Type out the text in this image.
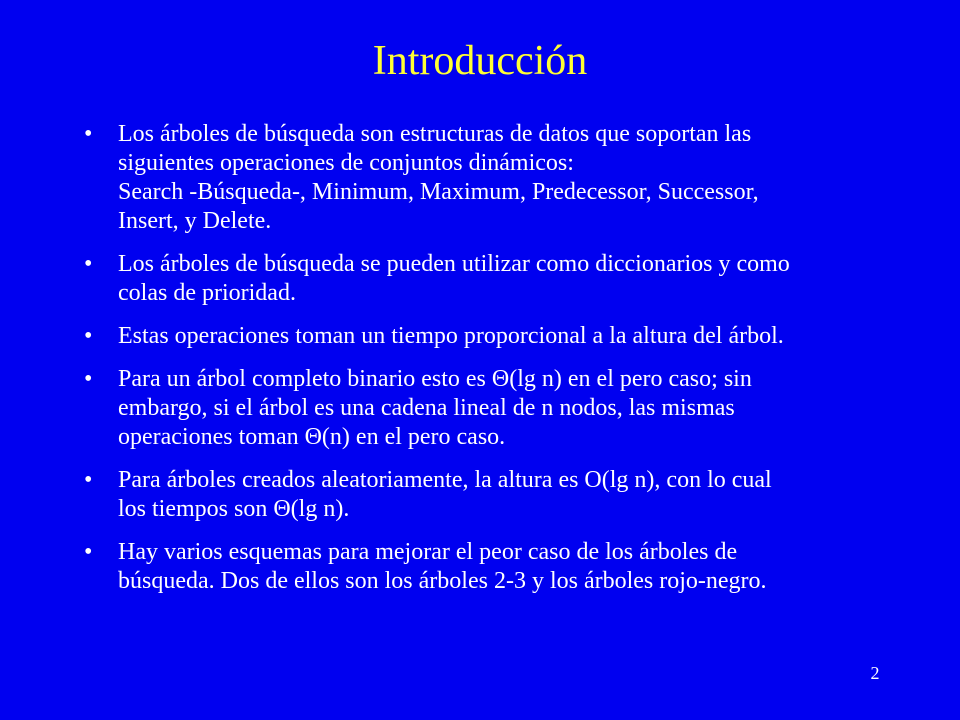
Introducción
• Los árboles de búsqueda son estructuras de datos que soportan las
siguientes operaciones de conjuntos dinámicos:
Search -Búsqueda-, Minimum, Maximum, Predecessor, Successor,
Insert, y Delete.
• Los árboles de búsqueda se pueden utilizar como diccionarios y como
colas de prioridad.
• Estas operaciones toman un tiempo proporcional a la altura del árbol.
• Para un árbol completo binario esto es Θ(lg n) en el pero caso; sin
embargo, si el árbol es una cadena lineal de n nodos, las mismas
operaciones toman Θ(n) en el pero caso.
• Para árboles creados aleatoriamente, la altura es O(lg n), con lo cual
los tiempos son Θ(lg n).
• Hay varios esquemas para mejorar el peor caso de los árboles de
búsqueda. Dos de ellos son los árboles 2-3 y los árboles rojo-negro.
2
